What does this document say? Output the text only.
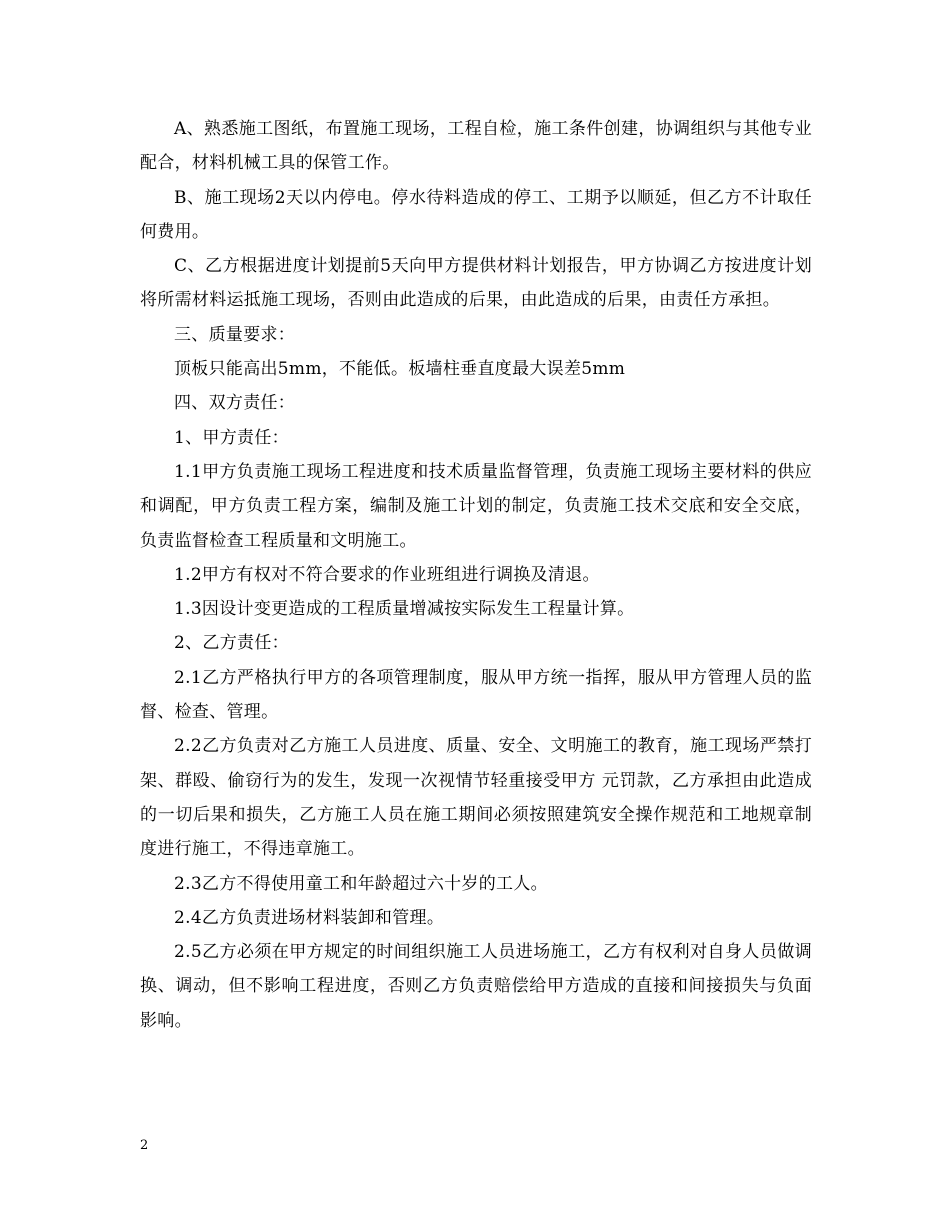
A、熟悉施工图纸，布置施工现场，工程自检，施工条件创建，协调组织与其他专业配合，材料机械工具的保管工作。

B、施工现场2天以内停电。停水待料造成的停工、工期予以顺延，但乙方不计取任何费用。

C、乙方根据进度计划提前5天向甲方提供材料计划报告，甲方协调乙方按进度计划将所需材料运抵施工现场，否则由此造成的后果，由此造成的后果，由责任方承担。

三、质量要求：

顶板只能高出5mm，不能低。板墙柱垂直度最大误差5mm

四、双方责任：

1、甲方责任：

1.1甲方负责施工现场工程进度和技术质量监督管理，负责施工现场主要材料的供应和调配，甲方负责工程方案，编制及施工计划的制定，负责施工技术交底和安全交底，负责监督检查工程质量和文明施工。

1.2甲方有权对不符合要求的作业班组进行调换及清退。

1.3因设计变更造成的工程质量增减按实际发生工程量计算。

2、乙方责任：

2.1乙方严格执行甲方的各项管理制度，服从甲方统一指挥，服从甲方管理人员的监督、检查、管理。

2.2乙方负责对乙方施工人员进度、质量、安全、文明施工的教育，施工现场严禁打架、群殴、偷窃行为的发生，发现一次视情节轻重接受甲方 元罚款，乙方承担由此造成的一切后果和损失，乙方施工人员在施工期间必须按照建筑安全操作规范和工地规章制度进行施工，不得违章施工。

2.3乙方不得使用童工和年龄超过六十岁的工人。

2.4乙方负责进场材料装卸和管理。

2.5乙方必须在甲方规定的时间组织施工人员进场施工，乙方有权利对自身人员做调换、调动，但不影响工程进度，否则乙方负责赔偿给甲方造成的直接和间接损失与负面影响。

2
